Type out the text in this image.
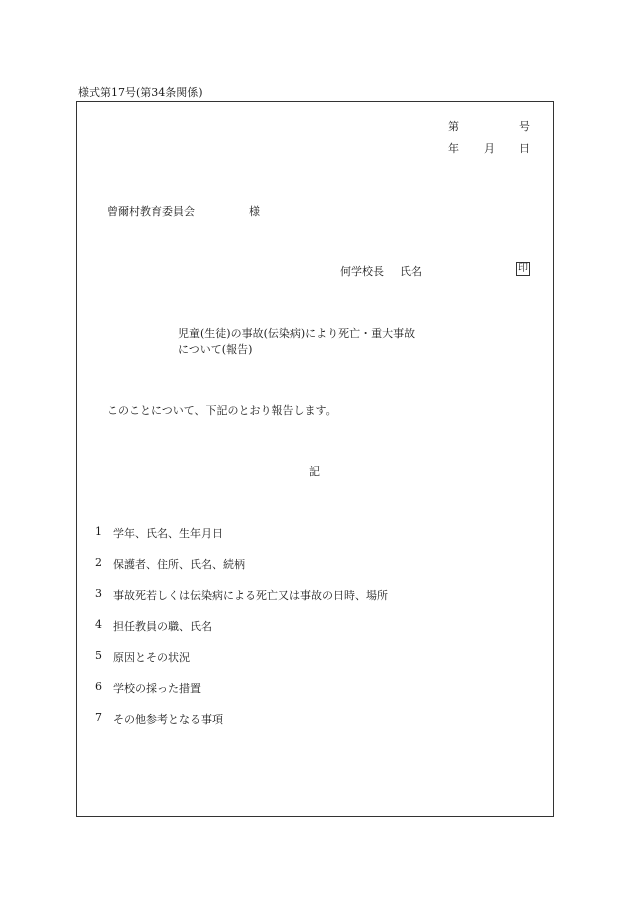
様式第17号(第34条関係)
第	号
年 月 日
曾爾村教育委員会	様
何学校長 氏名	印
児童(生徒)の事故(伝染病)により死亡・重大事故
について(報告)
このことについて、下記のとおり報告します。
記
1 学年、氏名、生年月日
2 保護者、住所、氏名、続柄
3 事故死若しくは伝染病による死亡又は事故の日時、場所
4 担任教員の職、氏名
5 原因とその状況
6 学校の採った措置
7 その他参考となる事項
